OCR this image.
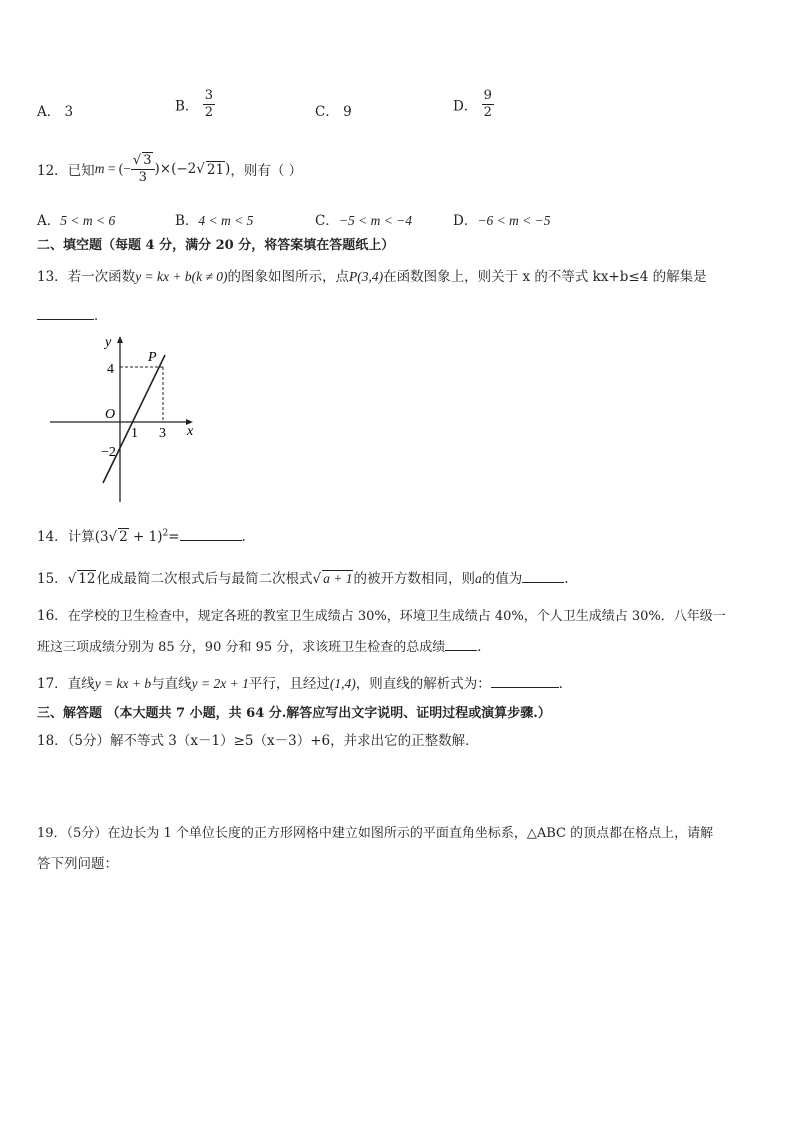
A． 3	B． $\frac{3}{2}$	C． 9	D． $\frac{9}{2}$
12．已知m = (− $\frac{√ 3}{3} )\times(-2√$ 21)，则有（ ）
A．5 < m < 6	B．4 < m < 5	C．−5 < m < −4	D．−6 < m < −5
二、填空题（每题 4 分，满分 20 分，将答案填在答题纸上）
13．若一次函数y = kx + b(k ≠ 0)的图象如图所示，点P(3,4)在函数图象上，则关于 x 的不等式 kx+b≤4 的解集是
．
y
x
O
P
4
−2
1 3
14．计算(3√ 2 + 1)$^2$=	.
15．√ 12化成最简二次根式后与最简二次根式√ a + 1的被开方数相同，则a的值为	.
16．在学校的卫生检查中，规定各班的教室卫生成绩占 30%，环境卫生成绩占 40%，个人卫生成绩占 30%．八年级一
班这三项成绩分别为 85 分，90 分和 95 分，求该班卫生检查的总成绩 ．
17．直线y = kx + b与直线y = 2x + 1平行，且经过(1,4)，则直线的解析式为：	．
三、解答题 （本大题共 7 小题，共 64 分.解答应写出文字说明、证明过程或演算步骤.）
18．（5分）解不等式 3（x－1）≥5（x－3）+6，并求出它的正整数解．
19．（5分）在边长为 1 个单位长度的正方形网格中建立如图所示的平面直角坐标系，△ABC 的顶点都在格点上，请解
答下列问题：
